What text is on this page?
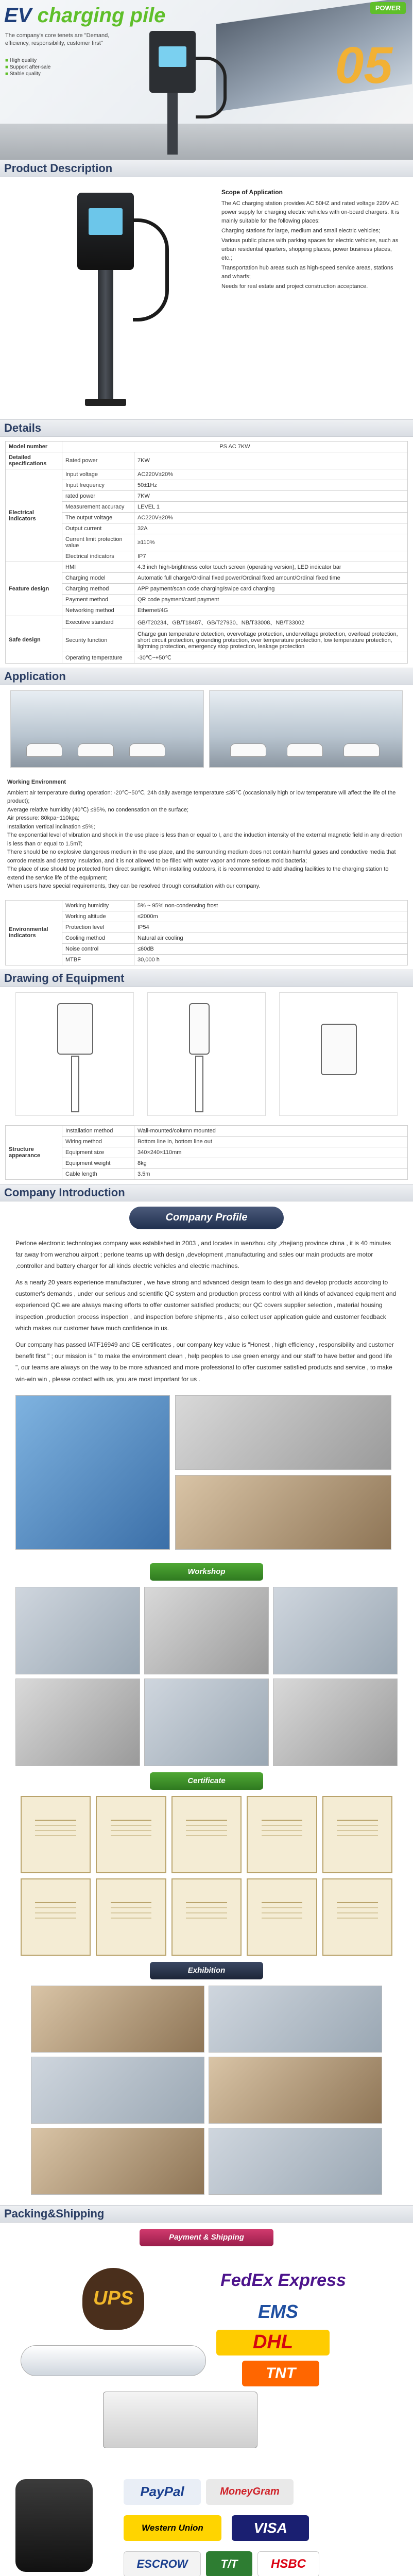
EV charging pile	POWER
The company's core tenets are "Demand, efficiency, responsibility, customer first"
■ High quality
■ Support after-sale
■ Stable quality	05
Product Description
Scope of Application

The AC charging station provides AC 50HZ and rated voltage 220V AC power supply for charging electric vehicles with on-board chargers. It is mainly suitable for the following places:

Charging stations for large, medium and small electric vehicles;

Various public places with parking spaces for electric vehicles, such as urban residential quarters, shopping places, power business places, etc.;

Transportation hub areas such as high-speed service areas, stations and wharfs;

Needs for real estate and project construction acceptance.

Details
Model number	PS AC 7KW	
Detailed specifications	Rated power	7KW
Electrical indicators	Input voltage	AC220V±20%
	Input frequency	50±1Hz
	rated power	7KW
	Measurement accuracy	LEVEL 1
	The output voltage	AC220V±20%
	Output current	32A
	Current limit protection value	≥110%
	Electrical indicators	IP7
Feature design	HMI	4.3 inch high-brightness color touch screen (operating version), LED indicator bar
	Charging model	Automatic full charge/Ordinal fixed power/Ordinal fixed amount/Ordinal fixed time
	Charging method	APP payment/scan code charging/swipe card charging
	Payment method	QR code payment/card payment
	Networking method	Ethernet/4G
Safe design	Executive standard	GB/T20234、GB/T18487、GB/T27930、NB/T33008、NB/T33002
	Security function	Charge gun temperature detection, overvoltage protection, undervoltage protection, overload protection, short circuit protection, grounding protection, over temperature protection, low temperature protection, lightning protection, emergency stop protection, leakage protection
	Operating temperature	-30℃~+50℃
Application
Working Environment

Ambient air temperature during operation: -20℃~50℃, 24h daily average temperature ≤35℃ (occasionally high or low temperature will affect the life of the product);

Average relative humidity (40℃) ≤95%, no condensation on the surface;

Air pressure: 80kpa~110kpa;

Installation vertical inclination ≤5%;

The exponential level of vibration and shock in the use place is less than or equal to I, and the induction intensity of the external magnetic field in any direction is less than or equal to 1.5mT;

There should be no explosive dangerous medium in the use place, and the surrounding medium does not contain harmful gases and conductive media that corrode metals and destroy insulation, and it is not allowed to be filled with water vapor and more serious mold bacteria;

The place of use should be protected from direct sunlight. When installing outdoors, it is recommended to add shading facilities to the charging station to extend the service life of the equipment;

When users have special requirements, they can be resolved through consultation with our company.

Environmental indicators	Working humidity	5% ~ 95% non-condensing frost
	Working altitude	≤2000m
	Protection level	IP54
	Cooling method	Natural air cooling
	Noise control	≤60dB
	MTBF	30,000 h
Drawing of Equipment
Structure appearance	Installation method	Wall-mounted/column mounted
	Wiring method	Bottom line in, bottom line out
	Equipment size	340×240×110mm
	Equipment weight	8kg
	Cable length	3.5m
Company Introduction
Company Profile

Perlone electronic technologies company was established in 2003 , and locates in wenzhou city ,zhejiang province china , it is 40 minutes far away from wenzhou airport ; perlone teams up with design ,development ,manufacturing and sales our main products are motor ,controller and battery charger for all kinds electric vehicles and electric machines.

As a nearly 20 years experience manufacturer , we have strong and advanced design team to design and develop products according to customer's demands , under our serious and scientific QC system and production process control with all kinds of advanced equipment and experienced QC.we are always making efforts to offer customer satisfied products; our QC covers supplier selection , material housing inspection ,production process inspection , and inspection before shipments , also collect user application guide and customer feedback which makes our customer have much confidence in us.

Our company has passed IATF16949 and CE certificates , our company key value is "Honest , high efficiency , responsibility and customer benefit first " ; our mission is " to make the environment clean , help peoples to use green energy and our staff to have better and good life ", our teams are always on the way to be more advanced and more professional to offer customer satisfied products and service , to make win-win win , please contact with us, you are most important for us .

Workshop
Certificate
Exhibition
Packing&Shipping
Payment & Shipping
UPS
FedEx Express
EMS
DHL
TNT
PayPal	MoneyGram
Western Union	VISA
ESCROW	T/T	HSBC
